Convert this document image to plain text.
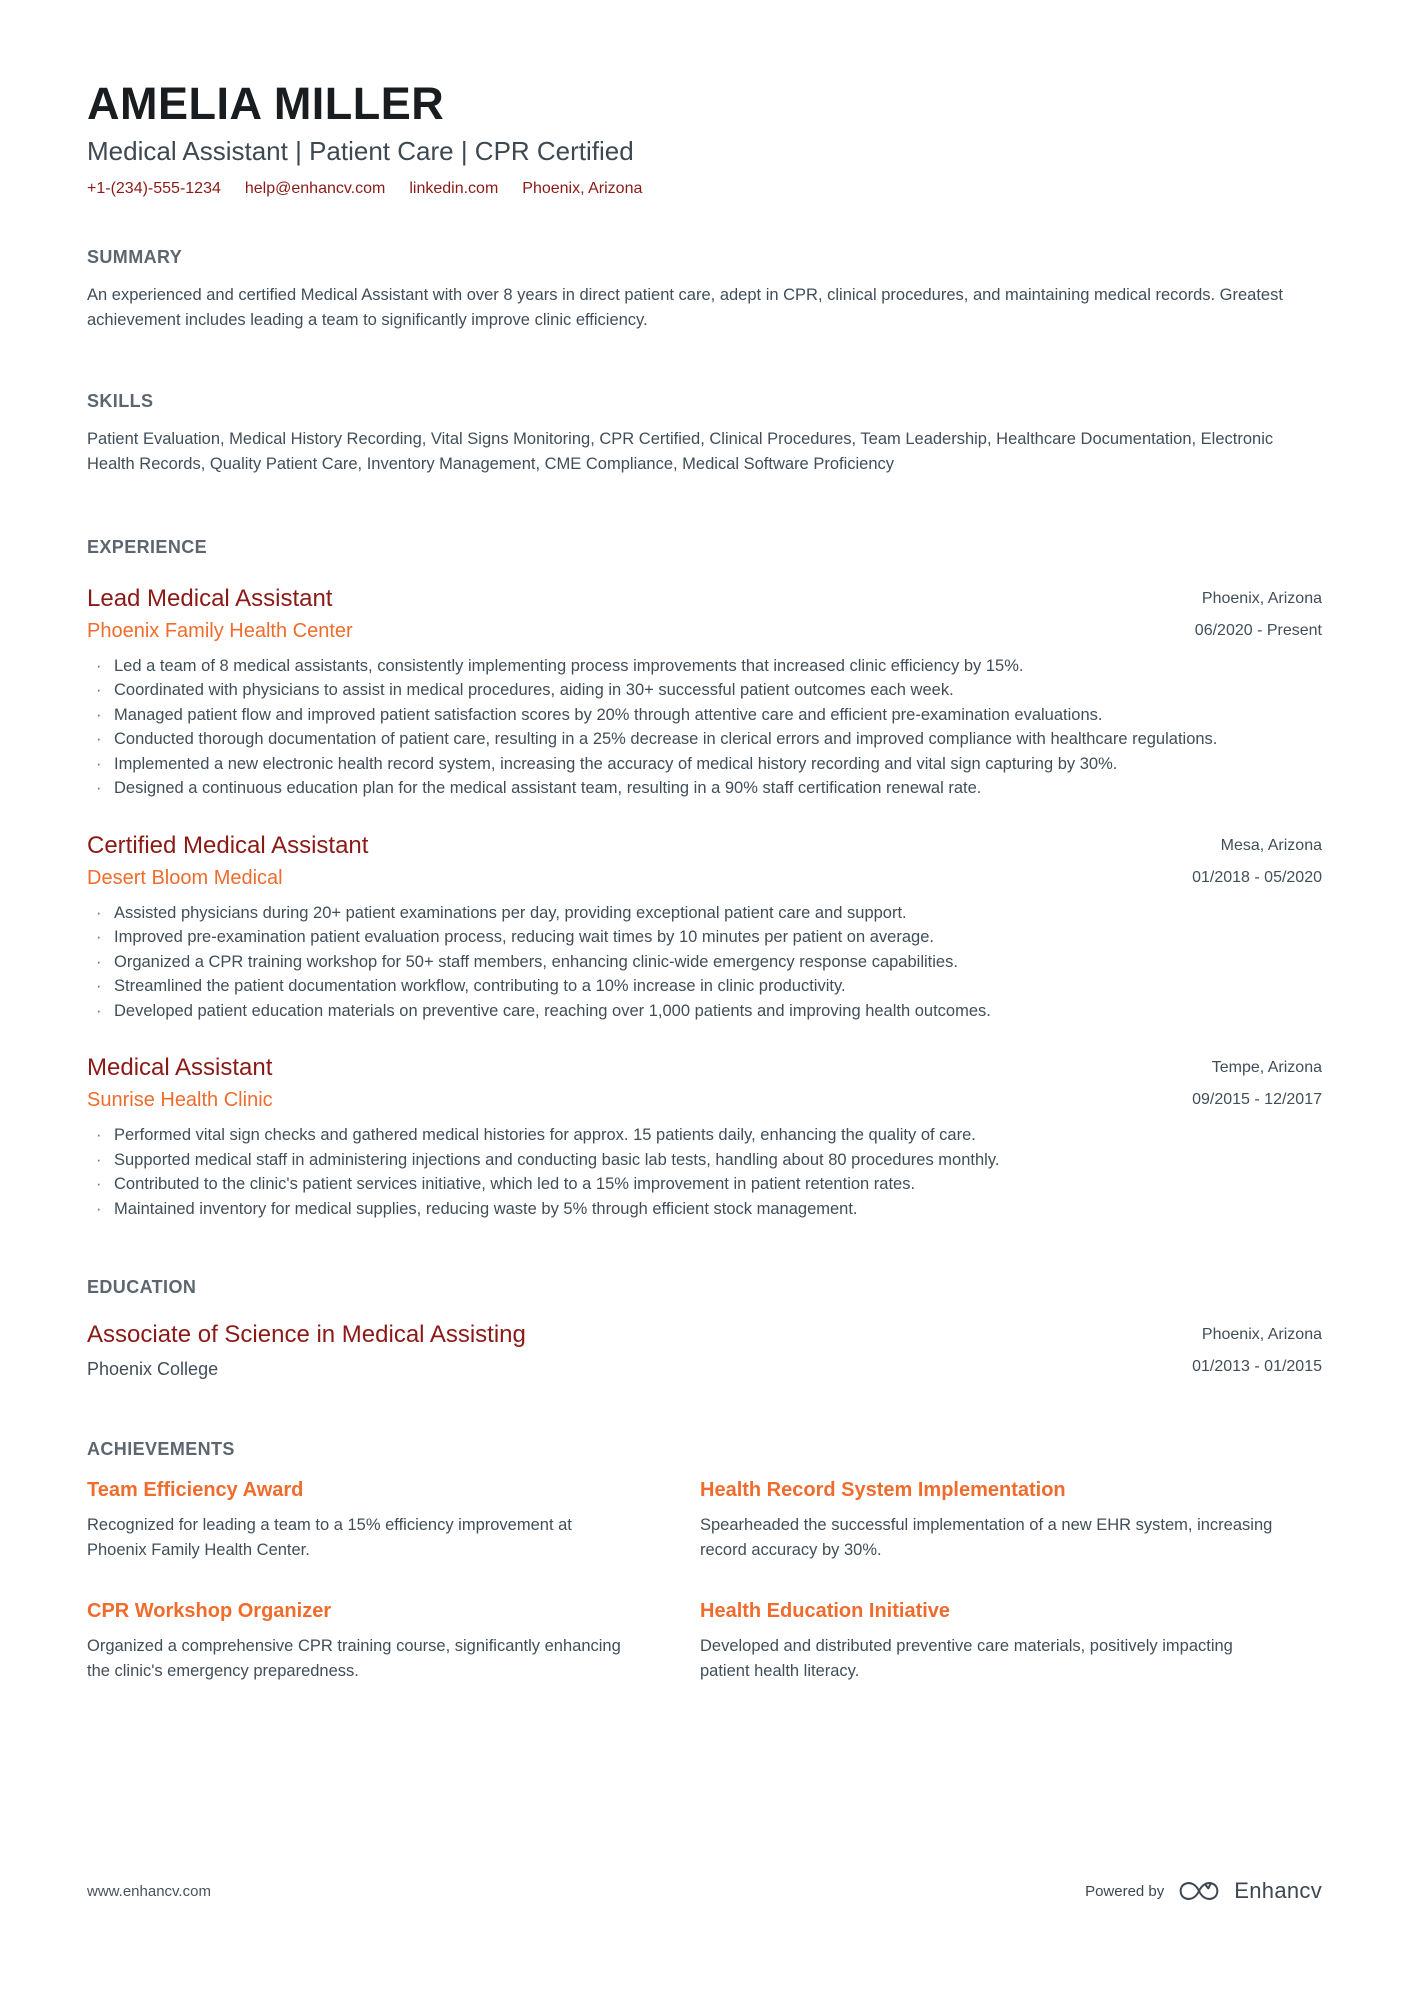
AMELIA MILLER
Medical Assistant | Patient Care | CPR Certified
+1-(234)-555-1234 help@enhancv.com linkedin.com Phoenix, Arizona
SUMMARY

An experienced and certified Medical Assistant with over 8 years in direct patient care, adept in CPR, clinical procedures, and maintaining medical records. Greatest achievement includes leading a team to significantly improve clinic efficiency.

SKILLS

Patient Evaluation, Medical History Recording, Vital Signs Monitoring, CPR Certified, Clinical Procedures, Team Leadership, Healthcare Documentation, Electronic Health Records, Quality Patient Care, Inventory Management, CME Compliance, Medical Software Proficiency

EXPERIENCE
Lead Medical Assistant
Phoenix Family Health Center
Phoenix, Arizona
06/2020 - Present
· Led a team of 8 medical assistants, consistently implementing process improvements that increased clinic efficiency by 15%.
· Coordinated with physicians to assist in medical procedures, aiding in 30+ successful patient outcomes each week.
· Managed patient flow and improved patient satisfaction scores by 20% through attentive care and efficient pre-examination evaluations.
· Conducted thorough documentation of patient care, resulting in a 25% decrease in clerical errors and improved compliance with healthcare regulations.
· Implemented a new electronic health record system, increasing the accuracy of medical history recording and vital sign capturing by 30%.
· Designed a continuous education plan for the medical assistant team, resulting in a 90% staff certification renewal rate.
Certified Medical Assistant
Desert Bloom Medical
Mesa, Arizona
01/2018 - 05/2020
· Assisted physicians during 20+ patient examinations per day, providing exceptional patient care and support.
· Improved pre-examination patient evaluation process, reducing wait times by 10 minutes per patient on average.
· Organized a CPR training workshop for 50+ staff members, enhancing clinic-wide emergency response capabilities.
· Streamlined the patient documentation workflow, contributing to a 10% increase in clinic productivity.
· Developed patient education materials on preventive care, reaching over 1,000 patients and improving health outcomes.
Medical Assistant
Sunrise Health Clinic
Tempe, Arizona
09/2015 - 12/2017
· Performed vital sign checks and gathered medical histories for approx. 15 patients daily, enhancing the quality of care.
· Supported medical staff in administering injections and conducting basic lab tests, handling about 80 procedures monthly.
· Contributed to the clinic's patient services initiative, which led to a 15% improvement in patient retention rates.
· Maintained inventory for medical supplies, reducing waste by 5% through efficient stock management.
EDUCATION
Associate of Science in Medical Assisting
Phoenix College
Phoenix, Arizona
01/2013 - 01/2015
ACHIEVEMENTS
Team Efficiency Award

Recognized for leading a team to a 15% efficiency improvement at Phoenix Family Health Center.

Health Record System Implementation

Spearheaded the successful implementation of a new EHR system, increasing record accuracy by 30%.

CPR Workshop Organizer

Organized a comprehensive CPR training course, significantly enhancing the clinic's emergency preparedness.

Health Education Initiative

Developed and distributed preventive care materials, positively impacting patient health literacy.

www.enhancv.com	Powered by	Enhancv
